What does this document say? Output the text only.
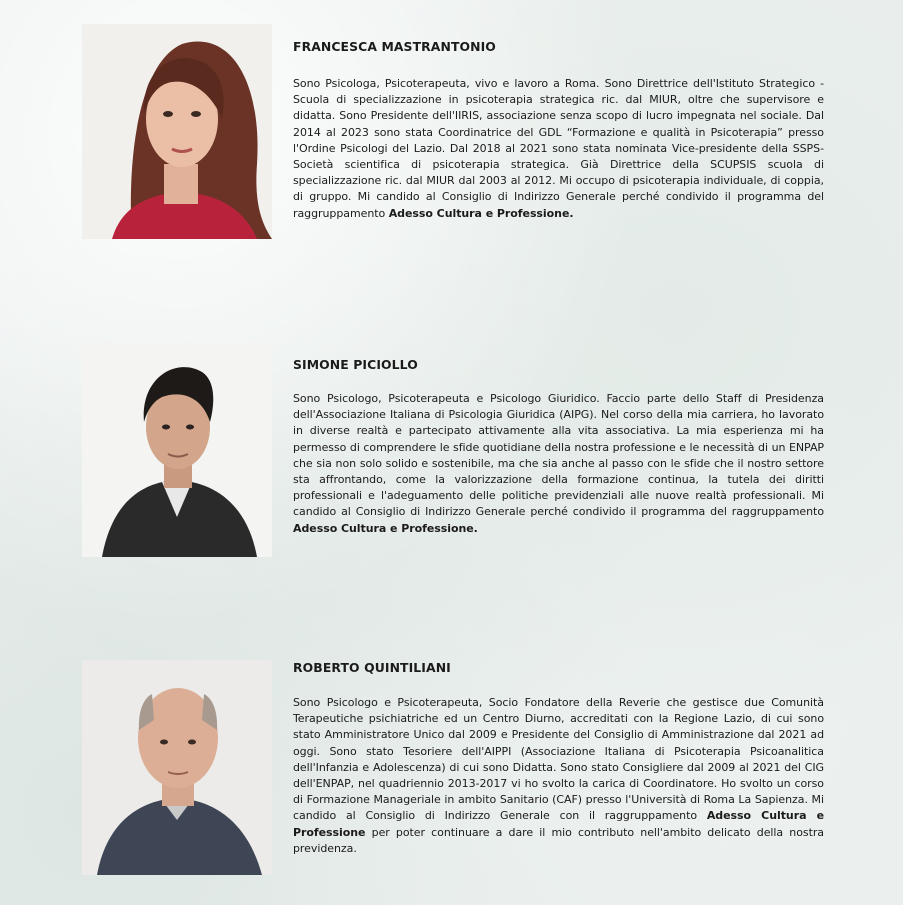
FRANCESCA MASTRANTONIO

Sono Psicologa, Psicoterapeuta, vivo e lavoro a Roma. Sono Direttrice dell'Istituto Strategico - Scuola di specializzazione in psicoterapia strategica ric. dal MIUR, oltre che supervisore e didatta. Sono Presidente dell'IIRIS, associazione senza scopo di lucro impegnata nel sociale. Dal 2014 al 2023 sono stata Coordinatrice del GDL “Formazione e qualità in Psicoterapia” presso l'Ordine Psicologi del Lazio. Dal 2018 al 2021 sono stata nominata Vice-presidente della SSPS- Società scientifica di psicoterapia strategica. Già Direttrice della SCUPSIS scuola di specializzazione ric. dal MIUR dal 2003 al 2012. Mi occupo di psicoterapia individuale, di coppia, di gruppo. Mi candido al Consiglio di Indirizzo Generale perché condivido il programma del raggruppamento Adesso Cultura e Professione.

SIMONE PICIOLLO

Sono Psicologo, Psicoterapeuta e Psicologo Giuridico. Faccio parte dello Staff di Presidenza dell'Associazione Italiana di Psicologia Giuridica (AIPG). Nel corso della mia carriera, ho lavorato in diverse realtà e partecipato attivamente alla vita associativa. La mia esperienza mi ha permesso di comprendere le sfide quotidiane della nostra professione e le necessità di un ENPAP che sia non solo solido e sostenibile, ma che sia anche al passo con le sfide che il nostro settore sta affrontando, come la valorizzazione della formazione continua, la tutela dei diritti professionali e l'adeguamento delle politiche previdenziali alle nuove realtà professionali. Mi candido al Consiglio di Indirizzo Generale perché condivido il programma del raggruppamento Adesso Cultura e Professione.

ROBERTO QUINTILIANI

Sono Psicologo e Psicoterapeuta, Socio Fondatore della Reverie che gestisce due Comunità Terapeutiche psichiatriche ed un Centro Diurno, accreditati con la Regione Lazio, di cui sono stato Amministratore Unico dal 2009 e Presidente del Consiglio di Amministrazione dal 2021 ad oggi. Sono stato Tesoriere dell'AIPPI (Associazione Italiana di Psicoterapia Psicoanalitica dell'Infanzia e Adolescenza) di cui sono Didatta. Sono stato Consigliere dal 2009 al 2021 del CIG dell'ENPAP, nel quadriennio 2013-2017 vi ho svolto la carica di Coordinatore. Ho svolto un corso di Formazione Manageriale in ambito Sanitario (CAF) presso l'Università di Roma La Sapienza. Mi candido al Consiglio di Indirizzo Generale con il raggruppamento Adesso Cultura e Professione per poter continuare a dare il mio contributo nell'ambito delicato della nostra previdenza.
